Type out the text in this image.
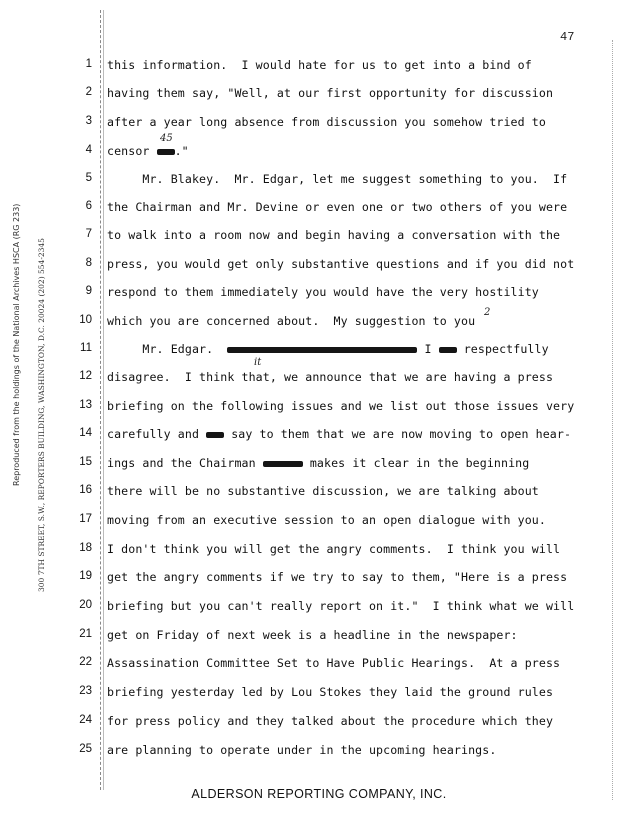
47
Reproduced from the holdings of the National Archives HSCA (RG 233) 300 7TH STREET, S.W., REPORTERS BUILDING, WASHINGTON, D.C. 20024 (202) 554-2345
1 this information.  I would hate for us to get into a bind of
2 having them say, "Well, at our first opportunity for discussion
3 after a year long absence from discussion you somehow tried to
4 censor ."
45
5 Mr. Blakey.  Mr. Edgar, let me suggest something to you.  If
6 the Chairman and Mr. Devine or even one or two others of you were
7 to walk into a room now and begin having a conversation with the
8 press, you would get only substantive questions and if you did not
9 respond to them immediately you would have the very hostility
10 which you are concerned about.  My suggestion to you
2
11 Mr. Edgar.	I  respectfully
12 disagree.  I think that, we announce that we are having a press
it
13 briefing on the following issues and we list out those issues very
14 carefully and  say to them that we are now moving to open hear-
15 ings and the Chairman	makes it clear in the beginning
16 there will be no substantive discussion, we are talking about
17 moving from an executive session to an open dialogue with you.
18 I don't think you will get the angry comments.  I think you will
19 get the angry comments if we try to say to them, "Here is a press
20 briefing but you can't really report on it."  I think what we will
21 get on Friday of next week is a headline in the newspaper:
22 Assassination Committee Set to Have Public Hearings.  At a press
23 briefing yesterday led by Lou Stokes they laid the ground rules
24 for press policy and they talked about the procedure which they
25 are planning to operate under in the upcoming hearings.
ALDERSON REPORTING COMPANY, INC.
